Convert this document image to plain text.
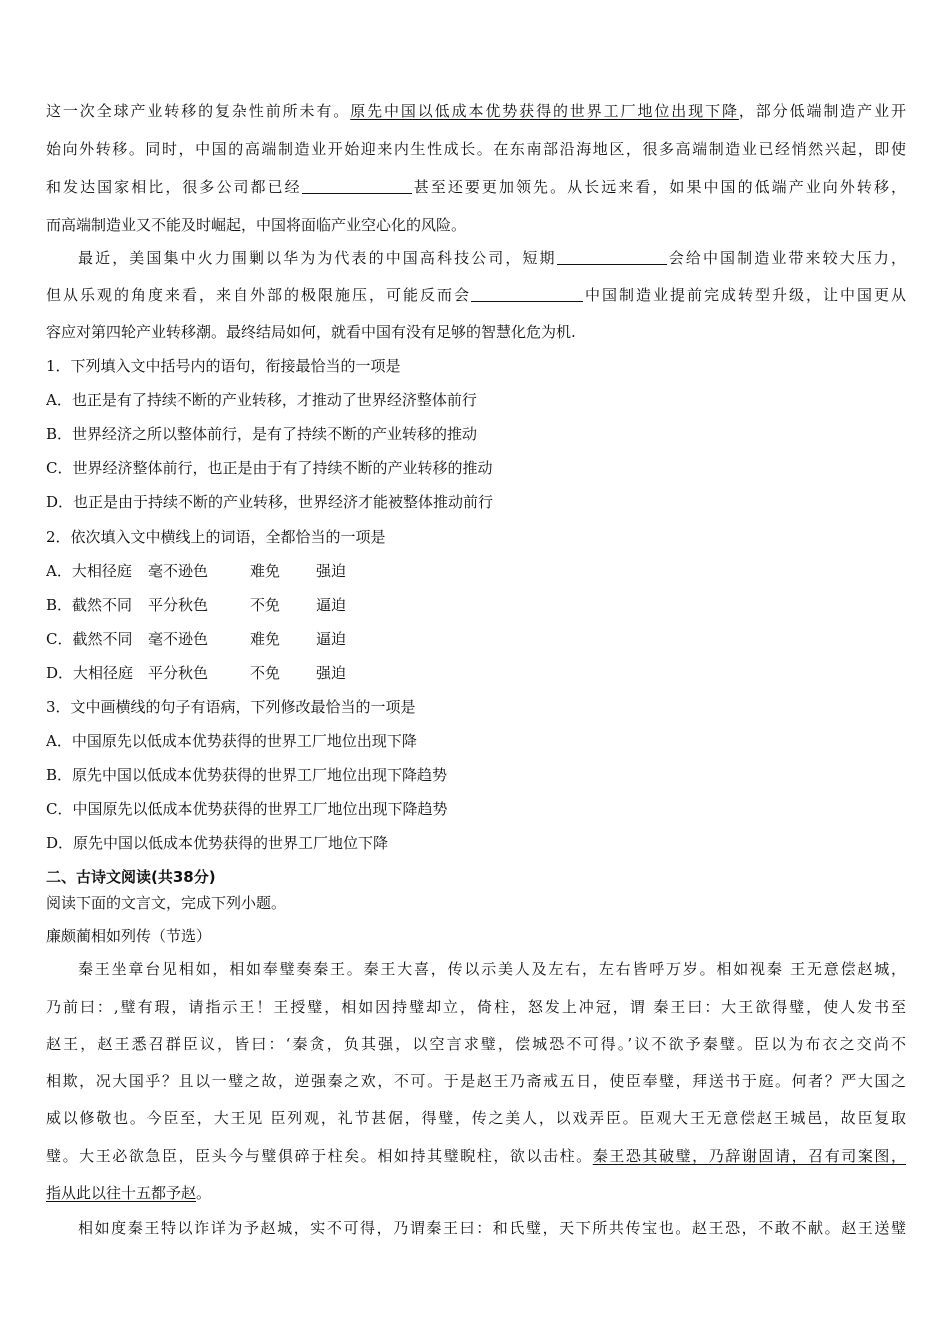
这一次全球产业转移的复杂性前所未有。原先中国以低成本优势获得的世界工厂地位出现下降，部分低端制造产业开
始向外转移。同时，中国的高端制造业开始迎来内生性成长。在东南部沿海地区，很多高端制造业已经悄然兴起，即使
和发达国家相比，很多公司都已经	甚至还要更加领先。从长远来看，如果中国的低端产业向外转移，
而高端制造业又不能及时崛起，中国将面临产业空心化的风险。
最近，美国集中火力围剿以华为为代表的中国高科技公司，短期	会给中国制造业带来较大压力，
但从乐观的角度来看，来自外部的极限施压，可能反而会	中国制造业提前完成转型升级，让中国更从
容应对第四轮产业转移潮。最终结局如何，就看中国有没有足够的智慧化危为机.
1．下列填入文中括号内的语句，衔接最恰当的一项是
A．也正是有了持续不断的产业转移，才推动了世界经济整体前行
B．世界经济之所以整体前行，是有了持续不断的产业转移的推动
C．世界经济整体前行，也正是由于有了持续不断的产业转移的推动
D．也正是由于持续不断的产业转移，世界经济才能被整体推动前行
2．依次填入文中横线上的词语，全都恰当的一项是
A．大相径庭 毫不逊色	难免 强迫
B．截然不同 平分秋色	不免 逼迫
C．截然不同 毫不逊色	难免 逼迫
D．大相径庭 平分秋色	不免 强迫
3．文中画横线的句子有语病，下列修改最恰当的一项是
A．中国原先以低成本优势获得的世界工厂地位出现下降
B．原先中国以低成本优势获得的世界工厂地位出现下降趋势
C．中国原先以低成本优势获得的世界工厂地位出现下降趋势
D．原先中国以低成本优势获得的世界工厂地位下降
二、古诗文阅读(共38分)
阅读下面的文言文，完成下列小题。
廉颇蔺相如列传（节选）
秦王坐章台见相如，相如奉璧奏秦王。秦王大喜，传以示美人及左右，左右皆呼万岁。相如视秦 王无意偿赵城，
乃前曰：,璧有瑕，请指示王！王授璧，相如因持璧却立，倚柱，怒发上冲冠，谓 秦王曰：大王欲得璧，使人发书至
赵王，赵王悉召群臣议，皆曰：‘秦贪，负其强，以空言求璧，偿城恐不可得。’议不欲予秦璧。臣以为布衣之交尚不
相欺，况大国乎？且以一璧之故，逆强秦之欢，不可。于是赵王乃斋戒五日，使臣奉璧，拜送书于庭。何者？严大国之
威以修敬也。今臣至，大王见 臣列观，礼节甚倨，得璧，传之美人，以戏弄臣。臣观大王无意偿赵王城邑，故臣复取
璧。大王必欲急臣，臣头今与璧俱碎于柱矣。相如持其璧睨柱，欲以击柱。秦王恐其破璧，乃辞谢固请，召有司案图，
指从此以往十五都予赵。
相如度秦王特以诈详为予赵城，实不可得，乃谓秦王曰：和氏璧，天下所共传宝也。赵王恐，不敢不献。赵王送璧
